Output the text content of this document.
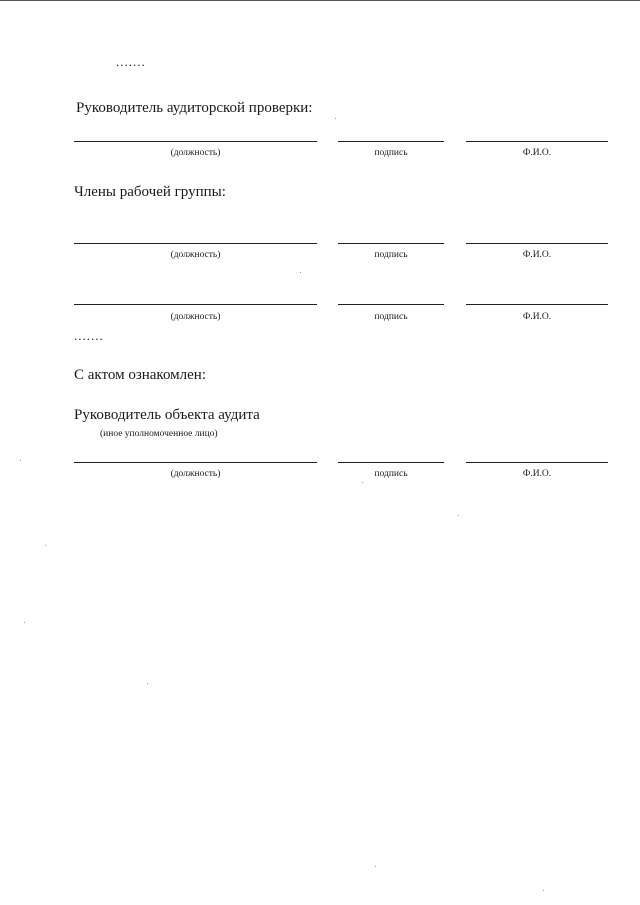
.......
Руководитель аудиторской проверки:
(должность)	подпись	Ф.И.О.
Члены рабочей группы:
(должность)	подпись	Ф.И.О.
(должность)	подпись	Ф.И.О.
.......
С актом ознакомлен:
Руководитель объекта аудита
(иное уполномоченное лицо)
(должность)	подпись	Ф.И.О.
